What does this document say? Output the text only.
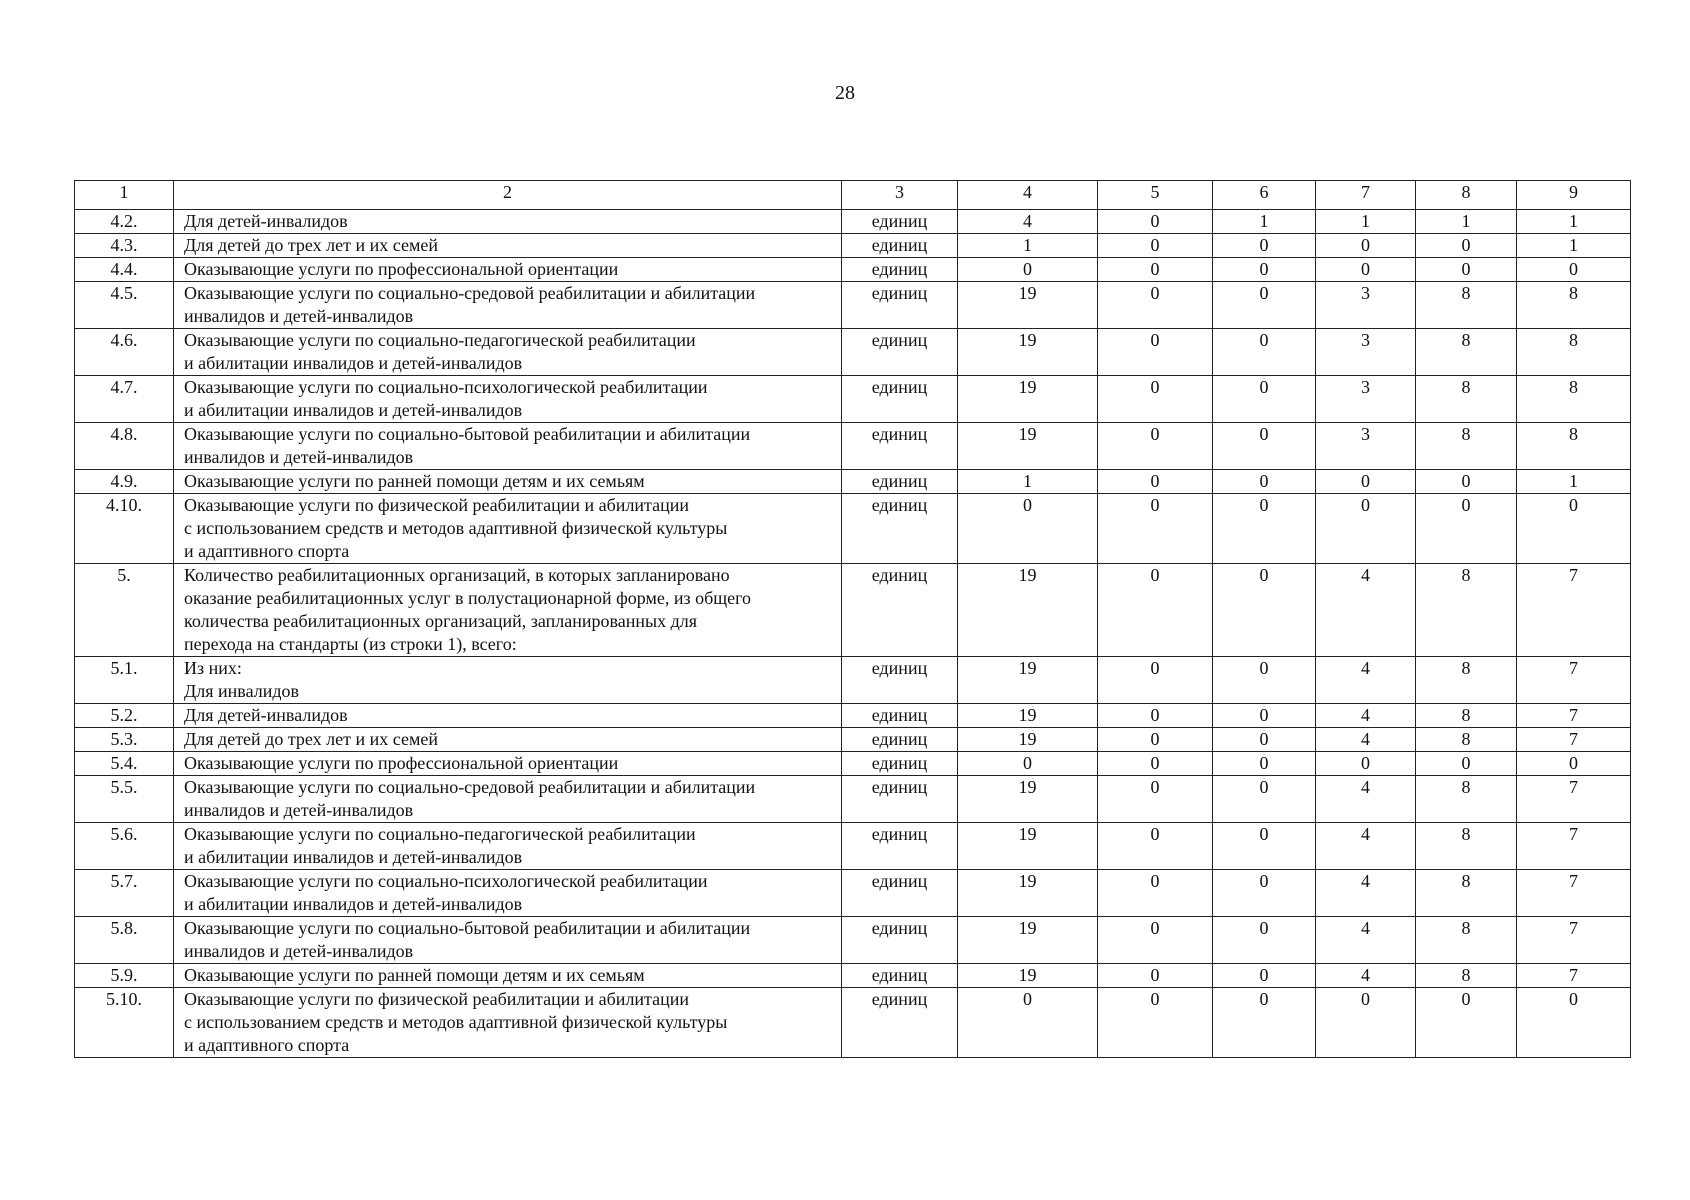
28
1	2	3	4	5	6	7	8	9
4.2.	Для детей-инвалидов	единиц	4	0	1	1	1	1
4.3.	Для детей до трех лет и их семей	единиц	1	0	0	0	0	1
4.4.	Оказывающие услуги по профессиональной ориентации	единиц	0	0	0	0	0	0
4.5.	Оказывающие услуги по социально-средовой реабилитации и абилитации
инвалидов и детей-инвалидов	единиц	19	0	0	3	8	8
4.6.	Оказывающие услуги по социально-педагогической реабилитации
и абилитации инвалидов и детей-инвалидов	единиц	19	0	0	3	8	8
4.7.	Оказывающие услуги по социально-психологической реабилитации
и абилитации инвалидов и детей-инвалидов	единиц	19	0	0	3	8	8
4.8.	Оказывающие услуги по социально-бытовой реабилитации и абилитации
инвалидов и детей-инвалидов	единиц	19	0	0	3	8	8
4.9.	Оказывающие услуги по ранней помощи детям и их семьям	единиц	1	0	0	0	0	1
4.10.	Оказывающие услуги по физической реабилитации и абилитации
с использованием средств и методов адаптивной физической культуры
и адаптивного спорта	единиц	0	0	0	0	0	0
5.	Количество реабилитационных организаций, в которых запланировано
оказание реабилитационных услуг в полустационарной форме, из общего
количества реабилитационных организаций, запланированных для
перехода на стандарты (из строки 1), всего:	единиц	19	0	0	4	8	7
5.1.	Из них:
Для инвалидов	единиц	19	0	0	4	8	7
5.2.	Для детей-инвалидов	единиц	19	0	0	4	8	7
5.3.	Для детей до трех лет и их семей	единиц	19	0	0	4	8	7
5.4.	Оказывающие услуги по профессиональной ориентации	единиц	0	0	0	0	0	0
5.5.	Оказывающие услуги по социально-средовой реабилитации и абилитации
инвалидов и детей-инвалидов	единиц	19	0	0	4	8	7
5.6.	Оказывающие услуги по социально-педагогической реабилитации
и абилитации инвалидов и детей-инвалидов	единиц	19	0	0	4	8	7
5.7.	Оказывающие услуги по социально-психологической реабилитации
и абилитации инвалидов и детей-инвалидов	единиц	19	0	0	4	8	7
5.8.	Оказывающие услуги по социально-бытовой реабилитации и абилитации
инвалидов и детей-инвалидов	единиц	19	0	0	4	8	7
5.9.	Оказывающие услуги по ранней помощи детям и их семьям	единиц	19	0	0	4	8	7
5.10.	Оказывающие услуги по физической реабилитации и абилитации
с использованием средств и методов адаптивной физической культуры
и адаптивного спорта	единиц	0	0	0	0	0	0
